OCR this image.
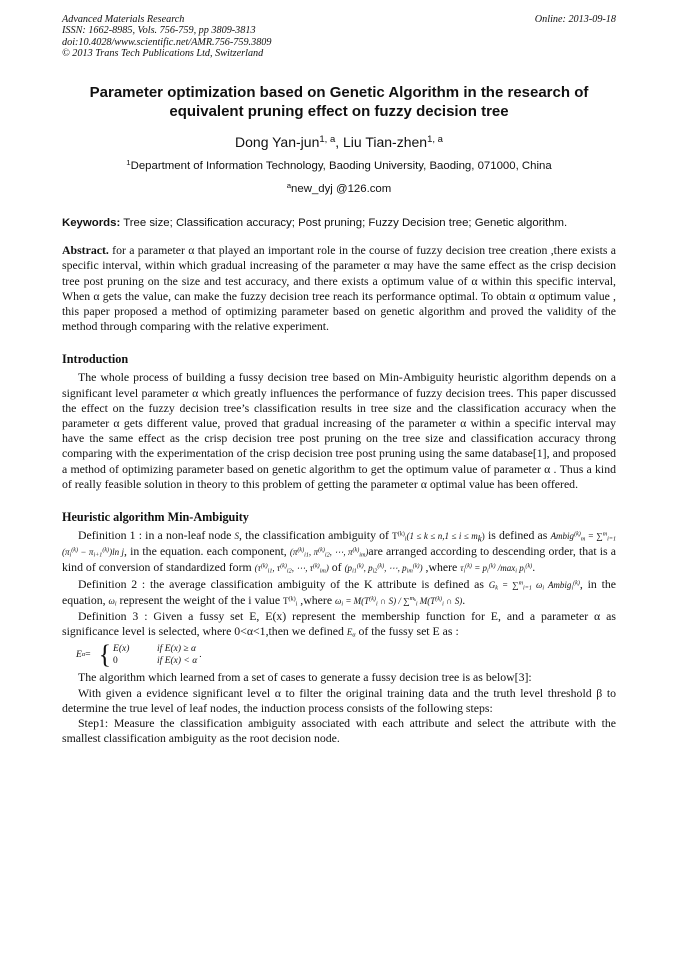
Advanced Materials Research
ISSN: 1662-8985, Vols. 756-759, pp 3809-3813
doi:10.4028/www.scientific.net/AMR.756-759.3809
© 2013 Trans Tech Publications Ltd, Switzerland
Online: 2013-09-18
Parameter optimization based on Genetic Algorithm in the research of equivalent pruning effect on fuzzy decision tree
Dong Yan-jun$^{1, a}$, Liu Tian-zhen$^{1, a}$
$^1$Department of Information Technology, Baoding University, Baoding, 071000, China
$^a$new_dyj @126.com
Keywords: Tree size; Classification accuracy; Post pruning; Fuzzy Decision tree; Genetic algorithm.
Abstract. for a parameter α that played an important role in the course of fuzzy decision tree creation ,there exists a specific interval, within which gradual increasing of the parameter α may have the same effect as the crisp decision tree post pruning on the size and test accuracy, and there exists a optimum value of α within this specific interval, When α gets the value, can make the fuzzy decision tree reach its performance optimal. To obtain α optimum value , this paper proposed a method of optimizing parameter based on genetic algorithm and proved the validity of the method through comparing with the relative experiment.
Introduction

The whole process of building a fussy decision tree based on Min-Ambiguity heuristic algorithm depends on a significant level parameter α which greatly influences the performance of fuzzy decision trees. This paper discussed the effect on the fuzzy decision tree’s classification results in tree size and the classification accuracy when the parameter α gets different value, proved that gradual increasing of the parameter α within a specific interval may have the same effect as the crisp decision tree post pruning on the tree size and classification accuracy throng comparing with the experimentation of the crisp decision tree post pruning using the same database[1], and proposed a method of optimizing parameter based on genetic algorithm to get the optimum value of parameter α . Thus a kind of really feasible solution in theory to this problem of getting the parameter α optimal value has been offered.

Heuristic algorithm Min-Ambiguity

Definition 1 : in a non-leaf node S, the classification ambiguity of $T^{(k)}_i(1 \le k \le n,1 \le i \le m_k)$ is defined as Ambig$^{(k)}_m$ = ∑$^m_{i=1}$ $(\pi_i^{(k)} - \pi_{i+1}^{(k)})\ln$ j, in the equation. each component, ($\pi^{(k)}_{i1}$, $\pi^{(k)}_{i2}$, ⋯, $\pi^{(k)}_{im})are$ arranged according to descending order, that is a kind of conversion of standardized form ($\tau^{(k)}_{i1}$, $\tau^{(k)}_{i2}$, ⋯, $\tau^{(k)}_{im}$) of ($p_{i1}^{(k)}$, $p_{i2}^{(k)}$, ⋯, $p_{im}^{(k)}$) ,where $\tau_i^{(k)} = p_i^{(k)}$ $/\max_i$ $p_i^{(k)}$.

Definition 2 : the average classification ambiguity of the K attribute is defined as $G_k = \sum^m_{i=1}$ $\omega_i$ Ambig$_i^{(k)}$, in the equation, $\omega_i$ represent the weight of the i value $T^{(k)}_i$ ,where $\omega_i = M(T^{(k)}_i$ ∩ S) / ∑$^{m_k}_i$ $M(T^{(k)}_i$ ∩ S).

Definition 3 : Given a fussy set E, E(x) represent the membership function for E, and a parameter α as significance level is selected, where 0<α<1,then we defined $E_\alpha$ of the fussy set E as :

E α = { E(x)	if E(x) ≥ α
0	if E(x) < α
.

The algorithm which learned from a set of cases to generate a fussy decision tree is as below[3]:

With given a evidence significant level α to filter the original training data and the truth level threshold β to determine the true level of leaf nodes, the induction process consists of the following steps:

Step1: Measure the classification ambiguity associated with each attribute and select the attribute with the smallest classification ambiguity as the root decision node.
